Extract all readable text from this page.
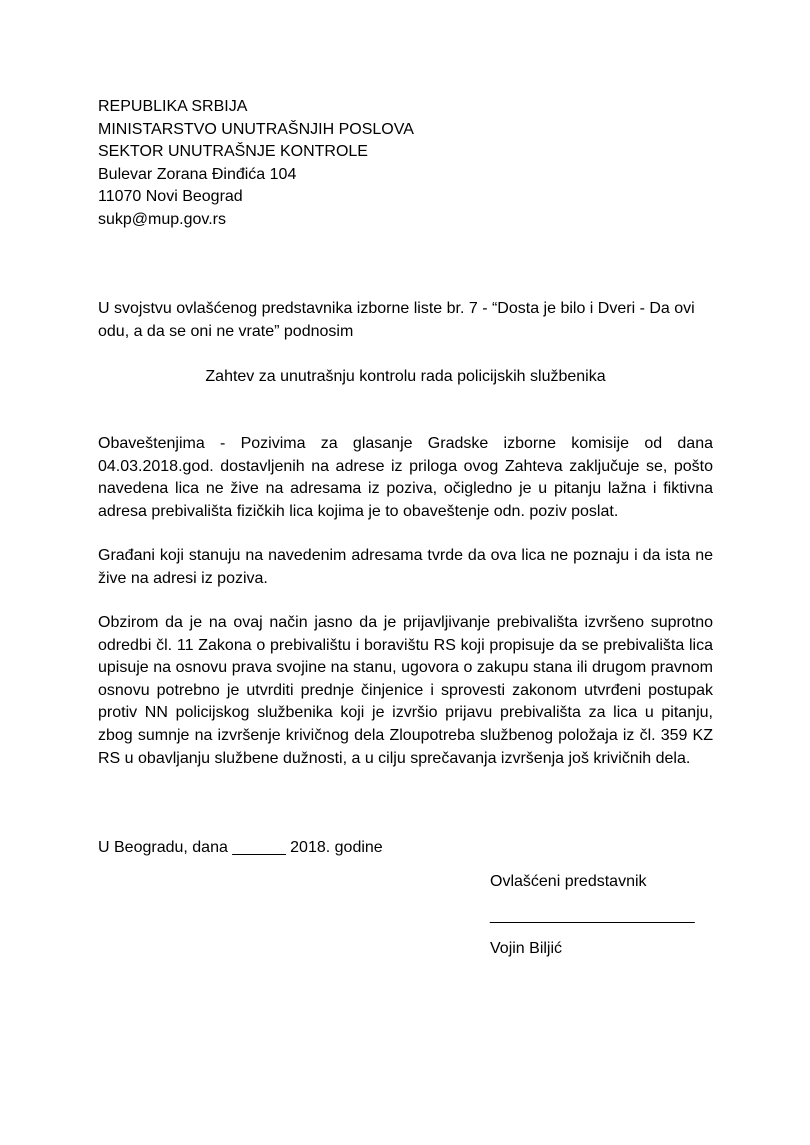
REPUBLIKA SRBIJA
MINISTARSTVO UNUTRAŠNJIH POSLOVA
SEKTOR UNUTRAŠNJE KONTROLE
Bulevar Zorana Đinđića 104
11070 Novi Beograd
sukp@mup.gov.rs
U svojstvu ovlašćenog predstavnika izborne liste br. 7 - “Dosta je bilo i Dveri - Da ovi odu, a da se oni ne vrate” podnosim
Zahtev za unutrašnju kontrolu rada policijskih službenika
Obaveštenjima - Pozivima za glasanje Gradske izborne komisije od dana 04.03.2018.god. dostavljenih na adrese iz priloga ovog Zahteva zaključuje se, pošto navedena lica ne žive na adresama iz poziva, očigledno je u pitanju lažna i fiktivna adresa prebivališta fizičkih lica kojima je to obaveštenje odn. poziv poslat.
Građani koji stanuju na navedenim adresama tvrde da ova lica ne poznaju i da ista ne žive na adresi iz poziva.
Obzirom da je na ovaj način jasno da je prijavljivanje prebivališta izvršeno suprotno odredbi čl. 11 Zakona o prebivalištu i boravištu RS koji propisuje da se prebivališta lica upisuje na osnovu prava svojine na stanu, ugovora o zakupu stana ili drugom pravnom osnovu potrebno je utvrditi prednje činjenice i sprovesti zakonom utvrđeni postupak protiv NN policijskog službenika koji je izvršio prijavu prebivališta za lica u pitanju, zbog sumnje na izvršenje krivičnog dela Zloupotreba službenog položaja iz čl. 359 KZ RS u obavljanju službene dužnosti, a u cilju sprečavanja izvršenja još krivičnih dela.
U Beogradu, dana ______ 2018. godine
Ovlašćeni predstavnik
_______________________
Vojin Biljić
